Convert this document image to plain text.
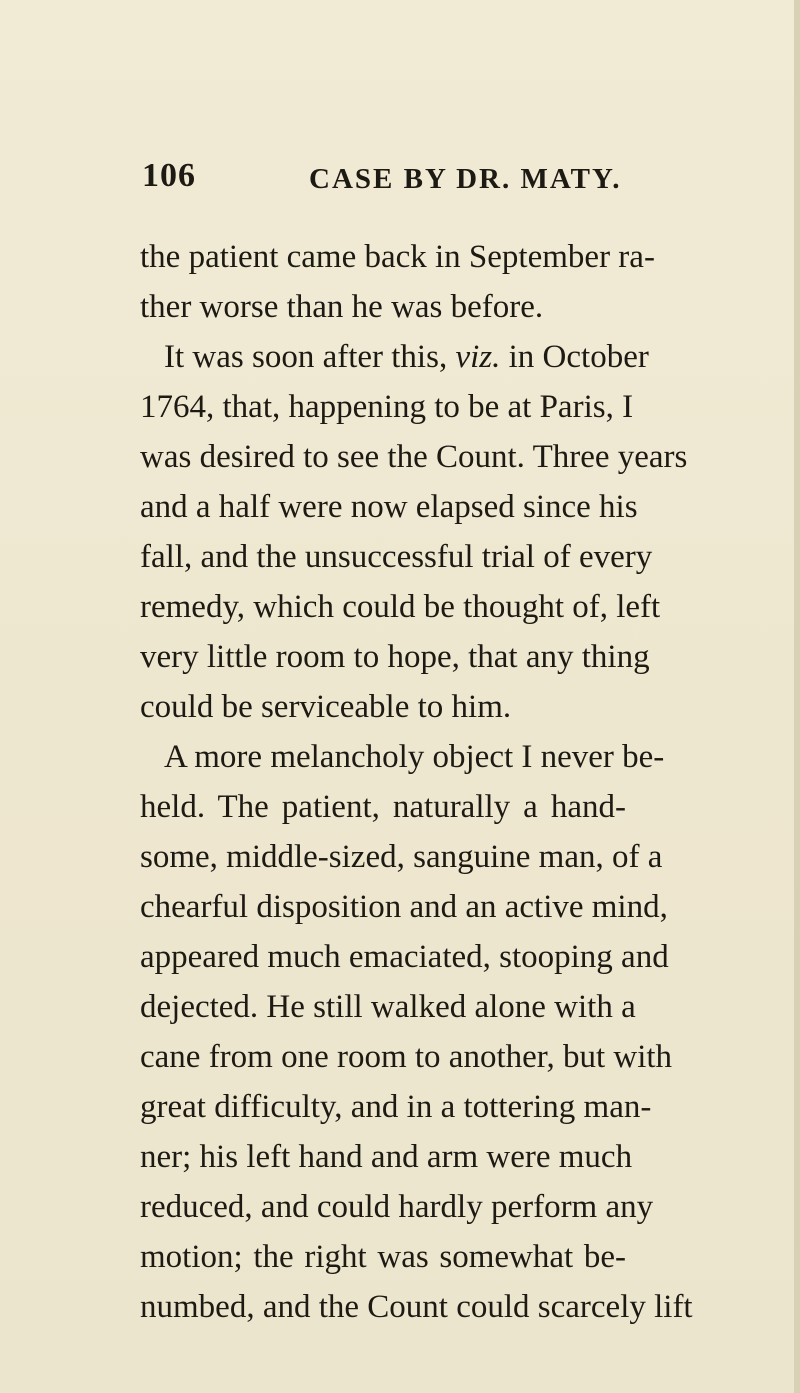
106	CASE BY DR. MATY.
the patient came back in September ra-
ther worse than he was before.
It was soon after this, viz. in October
1764, that, happening to be at Paris, I
was desired to see the Count. Three years
and a half were now elapsed since his
fall, and the unsuccessful trial of every
remedy, which could be thought of, left
very little room to hope, that any thing
could be serviceable to him.
A more melancholy object I never be-
held. The patient, naturally a hand-
some, middle-sized, sanguine man, of a
chearful disposition and an active mind,
appeared much emaciated, stooping and
dejected. He still walked alone with a
cane from one room to another, but with
great difficulty, and in a tottering man-
ner; his left hand and arm were much
reduced, and could hardly perform any
motion; the right was somewhat be-
numbed, and the Count could scarcely lift
